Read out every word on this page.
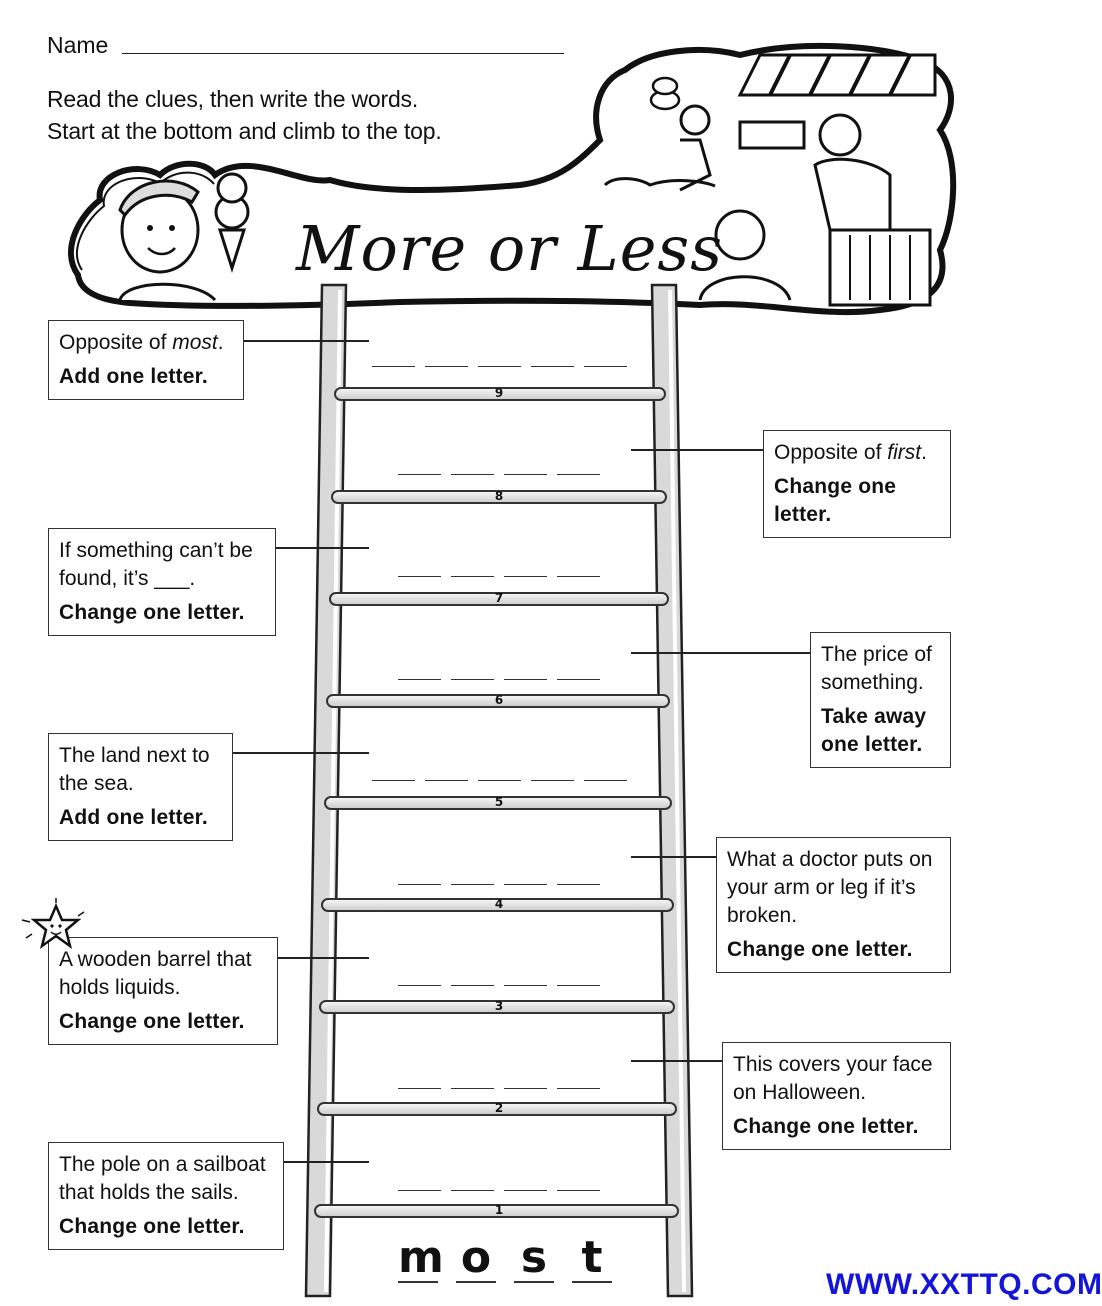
Name
Read the clues, then write the words.
Start at the bottom and climb to the top.
More or Less
1
2
3
4
5
6
7
8
9
Opposite of most.
Add one letter.
Opposite of first.
Change one letter.
If something can’t be found, it’s ___.
Change one letter.
The price of something.
Take away one letter.
The land next to the sea.
Add one letter.
What a doctor puts on your arm or leg if it’s broken.
Change one letter.
A wooden barrel that holds liquids.
Change one letter.
This covers your face on Halloween.
Change one letter.
The pole on a sailboat that holds the sails.
Change one letter.
m o s t
WWW.XXTTQ.COM
